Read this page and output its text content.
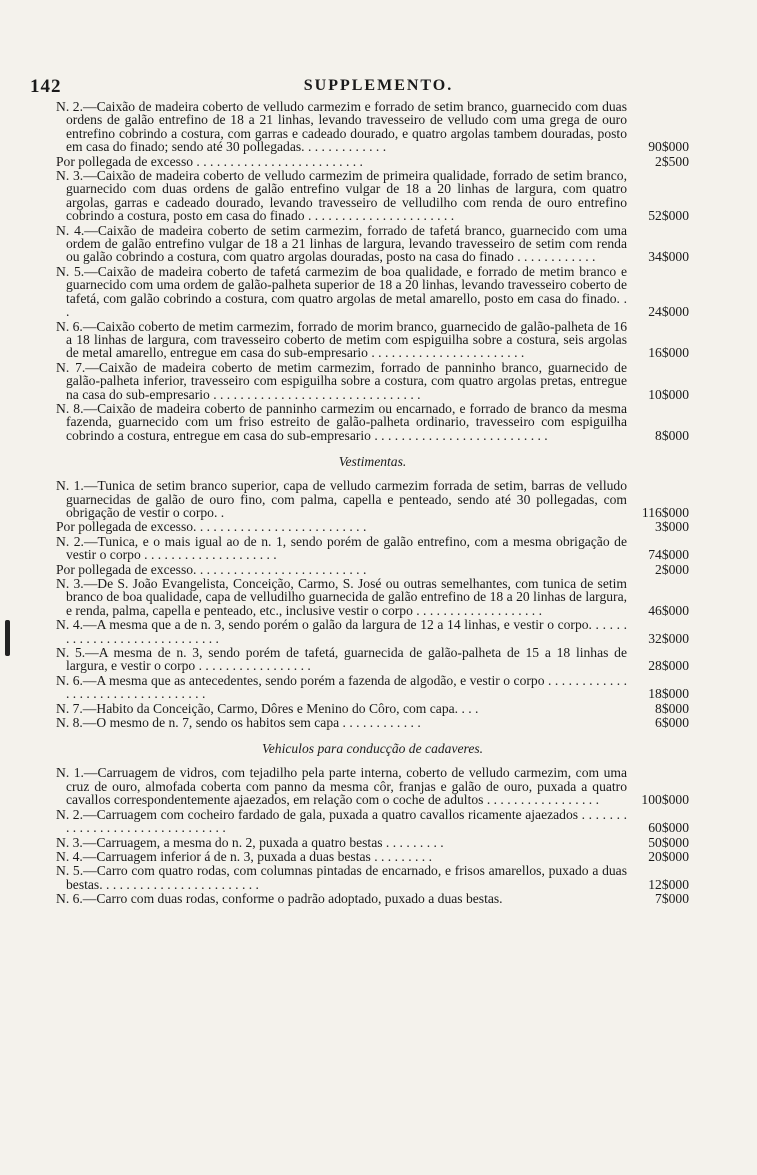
142	SUPPLEMENTO.
N. 2.—Caixão de madeira coberto de velludo carmezim e forrado de setim branco, guarnecido com duas ordens de galão entrefino de 18 a 21 linhas, levando travesseiro de velludo com uma grega de ouro entrefino cobrindo a costura, com garras e cadeado dourado, e quatro argolas tambem douradas, posto em casa do finado; sendo até 30 pollegadas. . . . . . . . . . . . .	90$000
Por pollegada de excesso . . . . . . . . . . . . . . . . . . . . . . . . .	2$500
N. 3.—Caixão de madeira coberto de velludo carmezim de primeira qualidade, forrado de setim branco, guarnecido com duas ordens de galão entrefino vulgar de 18 a 20 linhas de largura, com quatro argolas, garras e cadeado dourado, levando travesseiro de velludilho com renda de ouro entrefino cobrindo a costura, posto em casa do finado . . . . . . . . . . . . . . . . . . . . . .	52$000
N. 4.—Caixão de madeira coberto de setim carmezim, forrado de tafetá branco, guarnecido com uma ordem de galão entrefino vulgar de 18 a 21 linhas de largura, levando travesseiro de setim com renda ou galão cobrindo a costura, com quatro argolas douradas, posto na casa do finado . . . . . . . . . . . .	34$000
N. 5.—Caixão de madeira coberto de tafetá carmezim de boa qualidade, e forrado de metim branco e guarnecido com uma ordem de galão-palheta superior de 18 a 20 linhas, levando travesseiro coberto de tafetá, com galão cobrindo a costura, com quatro argolas de metal amarello, posto em casa do finado. . .	24$000
N. 6.—Caixão coberto de metim carmezim, forrado de morim branco, guarnecido de galão-palheta de 16 a 18 linhas de largura, com travesseiro coberto de metim com espiguilha sobre a costura, seis argolas de metal amarello, entregue em casa do sub-empresario . . . . . . . . . . . . . . . . . . . . . . .	16$000
N. 7.—Caixão de madeira coberto de metim carmezim, forrado de panninho branco, guarnecido de galão-palheta inferior, travesseiro com espiguilha sobre a costura, com quatro argolas pretas, entregue na casa do sub-empresario . . . . . . . . . . . . . . . . . . . . . . . . . . . . . . .	10$000
N. 8.—Caixão de madeira coberto de panninho carmezim ou encarnado, e forrado de branco da mesma fazenda, guarnecido com um friso estreito de galão-palheta ordinario, travesseiro com espiguilha cobrindo a costura, entregue em casa do sub-empresario . . . . . . . . . . . . . . . . . . . . . . . . . .	8$000
Vestimentas.
N. 1.—Tunica de setim branco superior, capa de velludo carmezim forrada de setim, barras de velludo guarnecidas de galão de ouro fino, com palma, capella e penteado, sendo até 30 pollegadas, com obrigação de vestir o corpo. .	116$000
Por pollegada de excesso. . . . . . . . . . . . . . . . . . . . . . . . . .	3$000
N. 2.—Tunica, e o mais igual ao de n. 1, sendo porém de galão entrefino, com a mesma obrigação de vestir o corpo . . . . . . . . . . . . . . . . . . . .	74$000
Por pollegada de excesso. . . . . . . . . . . . . . . . . . . . . . . . . .	2$000
N. 3.—De S. João Evangelista, Conceição, Carmo, S. José ou outras semelhantes, com tunica de setim branco de boa qualidade, capa de velludilho guarnecida de galão entrefino de 18 a 20 linhas de largura, e renda, palma, capella e penteado, etc., inclusive vestir o corpo . . . . . . . . . . . . . . . . . . .	46$000
N. 4.—A mesma que a de n. 3, sendo porém o galão da largura de 12 a 14 linhas, e vestir o corpo. . . . . . . . . . . . . . . . . . . . . . . . . . . . .	32$000
N. 5.—A mesma de n. 3, sendo porém de tafetá, guarnecida de galão-palheta de 15 a 18 linhas de largura, e vestir o corpo . . . . . . . . . . . . . . . . .	28$000
N. 6.—A mesma que as antecedentes, sendo porém a fazenda de algodão, e vestir o corpo . . . . . . . . . . . . . . . . . . . . . . . . . . . . . . . . .	18$000
N. 7.—Habito da Conceição, Carmo, Dôres e Menino do Côro, com capa. . . .	8$000
N. 8.—O mesmo de n. 7, sendo os habitos sem capa . . . . . . . . . . . .	6$000
Vehiculos para conducção de cadaveres.
N. 1.—Carruagem de vidros, com tejadilho pela parte interna, coberto de velludo carmezim, com uma cruz de ouro, almofada coberta com panno da mesma côr, franjas e galão de ouro, puxada a quatro cavallos correspondentemente ajaezados, em relação com o coche de adultos . . . . . . . . . . . . . . . . .	100$000
N. 2.—Carruagem com cocheiro fardado de gala, puxada a quatro cavallos ricamente ajaezados . . . . . . . . . . . . . . . . . . . . . . . . . . . . . . .	60$000
N. 3.—Carruagem, a mesma do n. 2, puxada a quatro bestas . . . . . . . . .	50$000
N. 4.—Carruagem inferior á de n. 3, puxada a duas bestas . . . . . . . . .	20$000
N. 5.—Carro com quatro rodas, com columnas pintadas de encarnado, e frisos amarellos, puxado a duas bestas. . . . . . . . . . . . . . . . . . . . . . . .	12$000
N. 6.—Carro com duas rodas, conforme o padrão adoptado, puxado a duas bestas.	7$000
